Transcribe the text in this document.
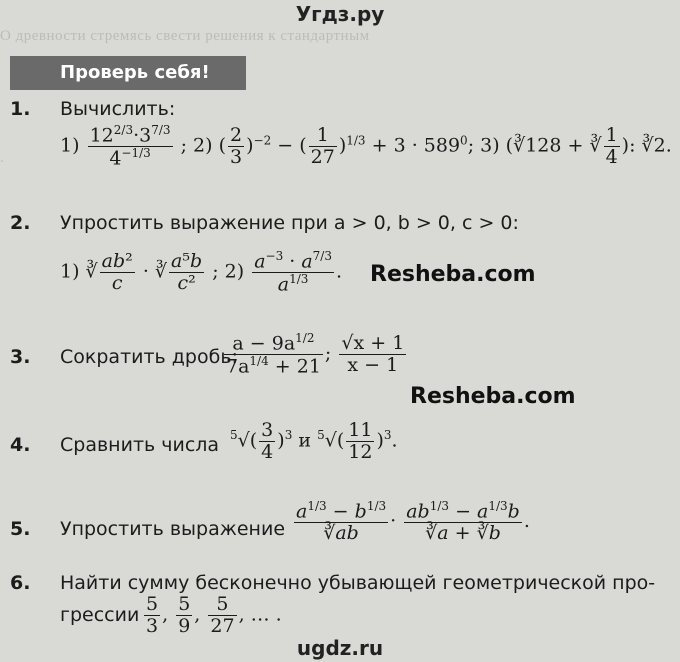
О древности стремясь свести решения к стандартным
.
Угдз.ру
Проверь себя!
1. Вычислить:
$1) \frac{12^{2/3}\cdot 3^{7/3}}{4^{-1/3}}$ ; 2) ( $\frac{2}{3} )^{-2}$ − ( $\frac{1}{27} )^{1/3} + 3 \cdot 589^0$; 3) (∛128 + ∛ $\frac{1}{4}$ ): ∛2.
2. Упростить выражение при a > 0, b > 0, c > 0:
1) ∛ $\frac{\text{ab²}}{c}$ · ∛ $\frac{\text{a⁵b}}{\text{c²}}$ ; $2) \frac{a^{-3} \cdot a^{7/3}}{a^{1/3}}$ . Resheba.com
3. Сократить дробь:
$\frac{a - 9a^{1/2}}{7a^{1/4} + 21}$ ; $\frac{√x + 1}{x - 1}$
Resheba.com
4. Сравнить числа $^5√( \frac{3}{4} )^3$ и $^5√( \frac{11}{12} )^3$.
5. Упростить выражение $\frac{a^{1/3} - b^{1/3}}{∛ab} \cdot \frac{ab^{1/3} - a^{1/3}b}{∛a + ∛b}$ .
6. Найти сумму бесконечно убывающей геометрической про-
грессии $\frac{5}{3}$ , $\frac{5}{9}$ , $\frac{5}{27}$ , … .
ugdz.ru
